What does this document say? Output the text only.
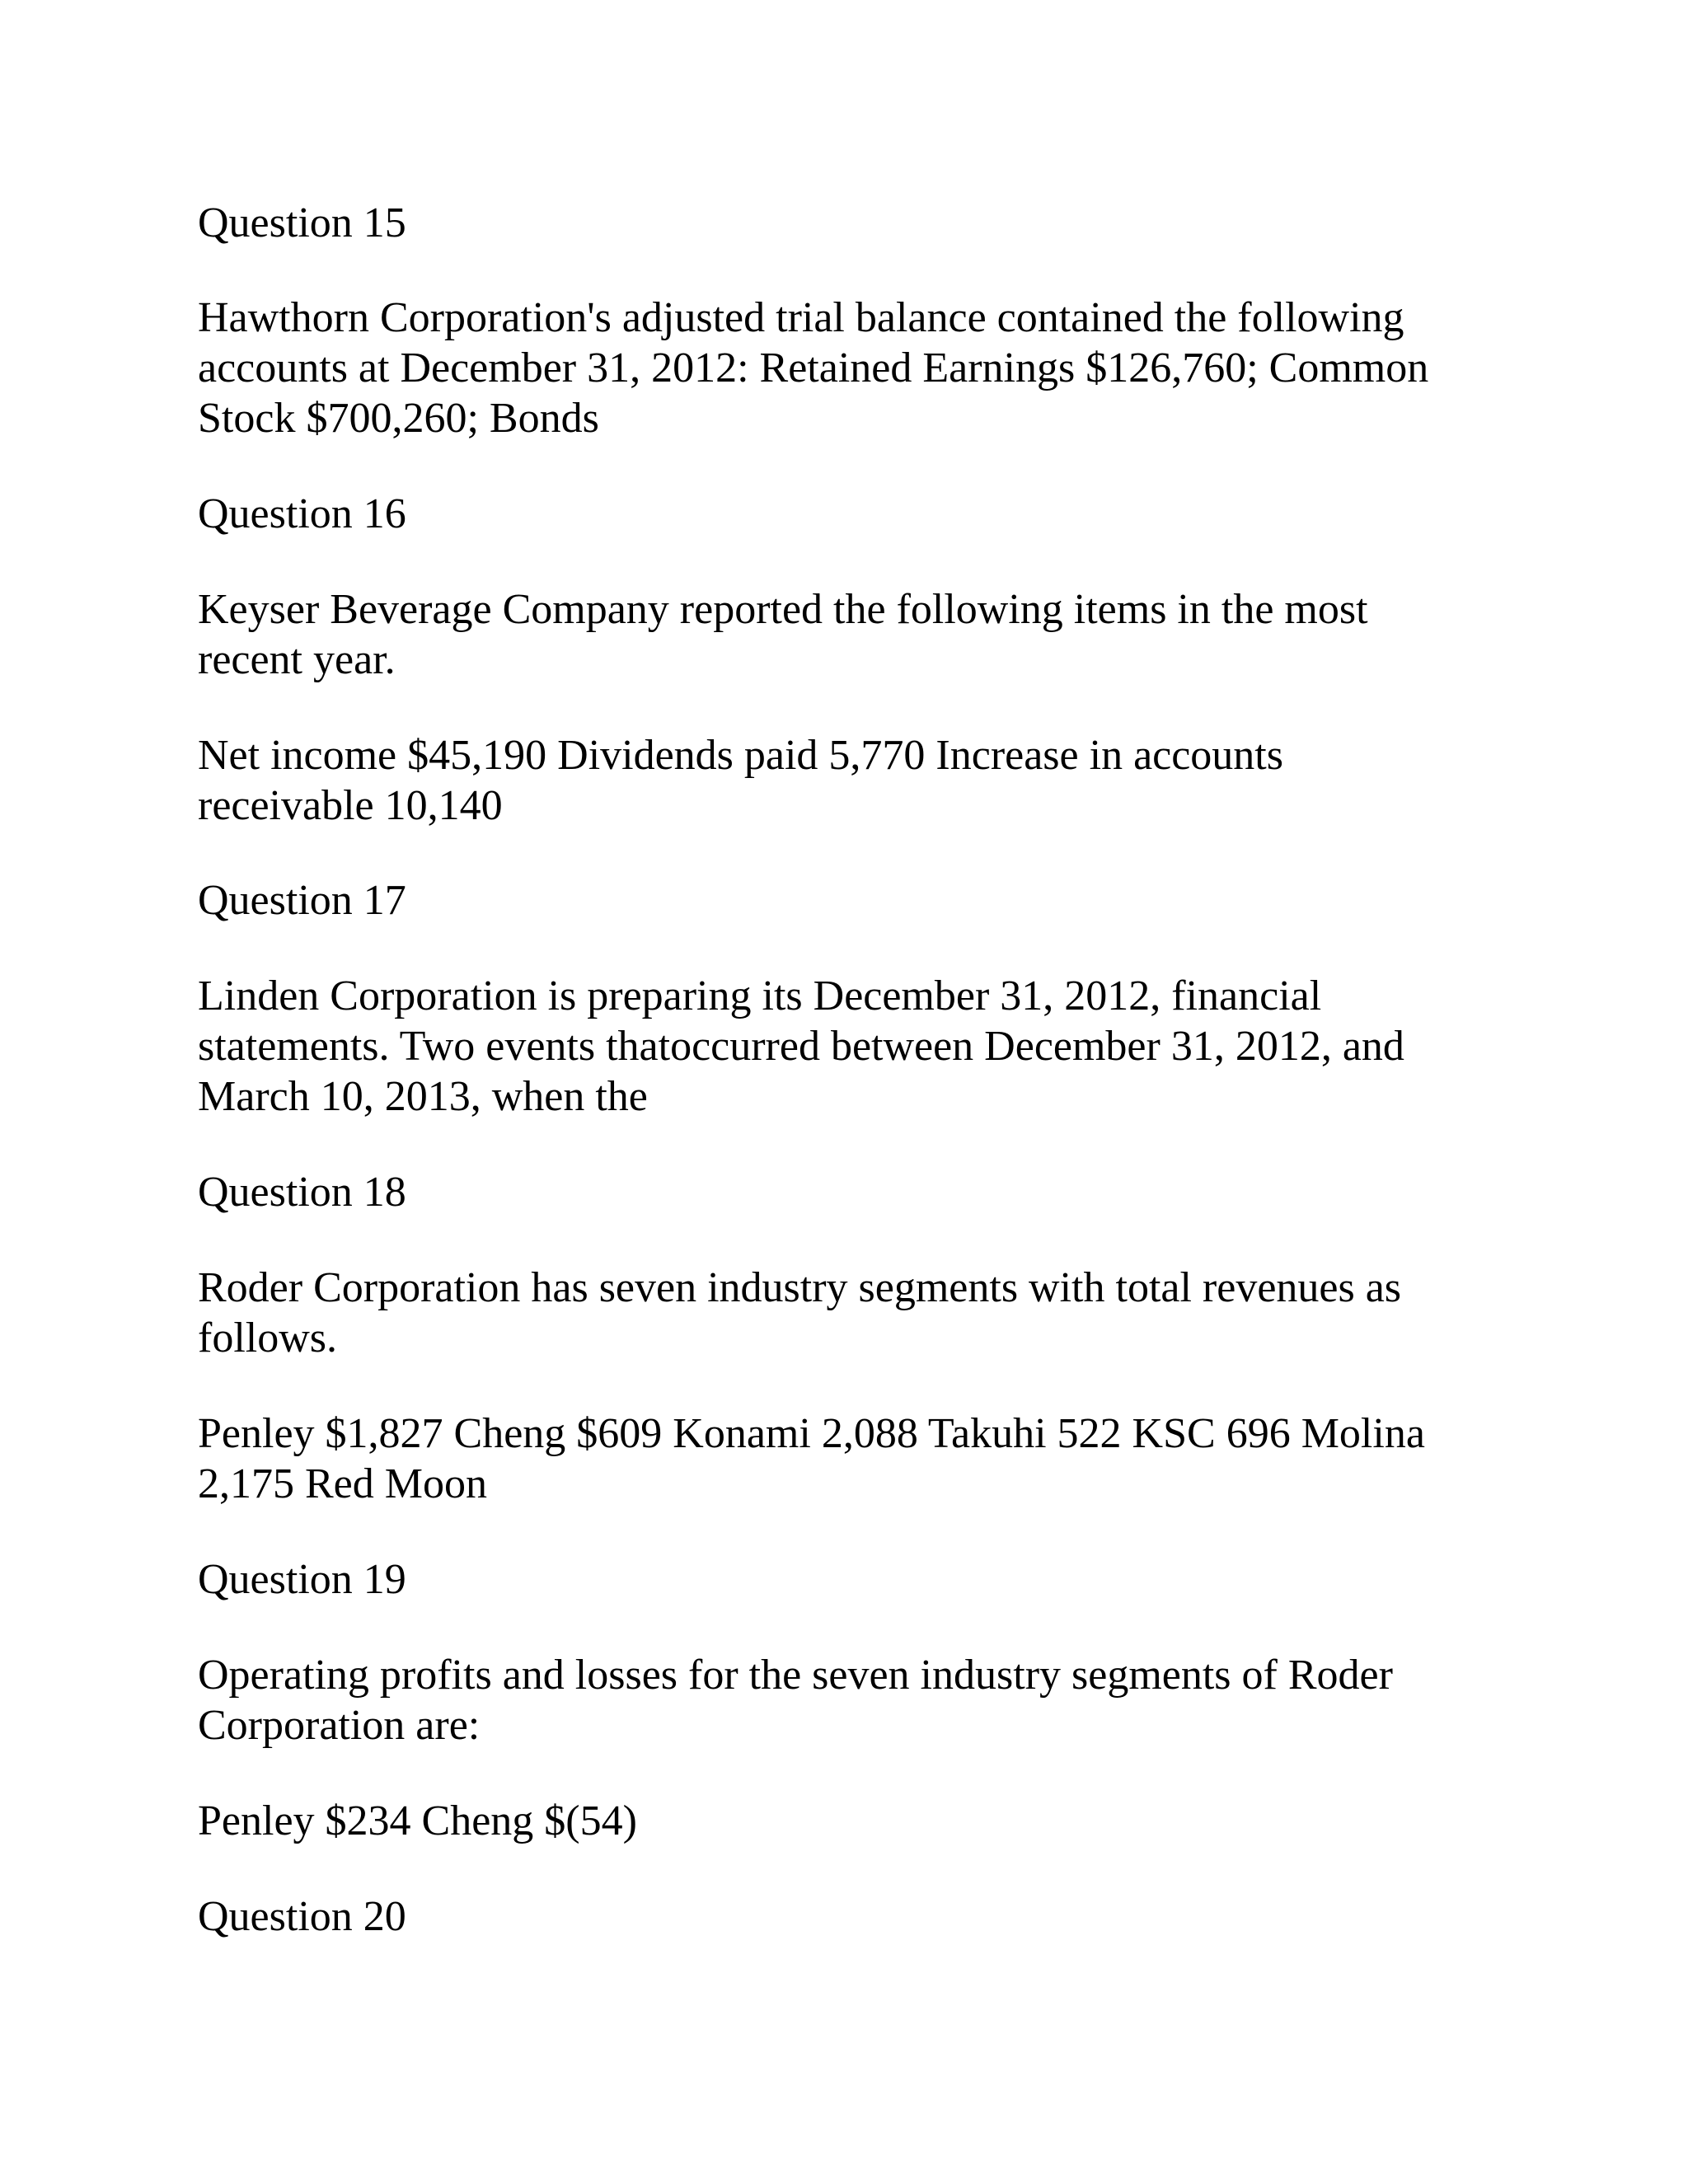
Question 15

Hawthorn Corporation's adjusted trial balance contained the following

accounts at December 31, 2012: Retained Earnings $126,760; Common

Stock $700,260; Bonds

Question 16

Keyser Beverage Company reported the following items in the most

recent year.

Net income $45,190 Dividends paid 5,770 Increase in accounts

receivable 10,140

Question 17

Linden Corporation is preparing its December 31, 2012, financial

statements. Two events thatoccurred between December 31, 2012, and

March 10, 2013, when the

Question 18

Roder Corporation has seven industry segments with total revenues as

follows.

Penley $1,827 Cheng $609 Konami 2,088 Takuhi 522 KSC 696 Molina

2,175 Red Moon

Question 19

Operating profits and losses for the seven industry segments of Roder

Corporation are:

Penley $234 Cheng $(54)

Question 20
